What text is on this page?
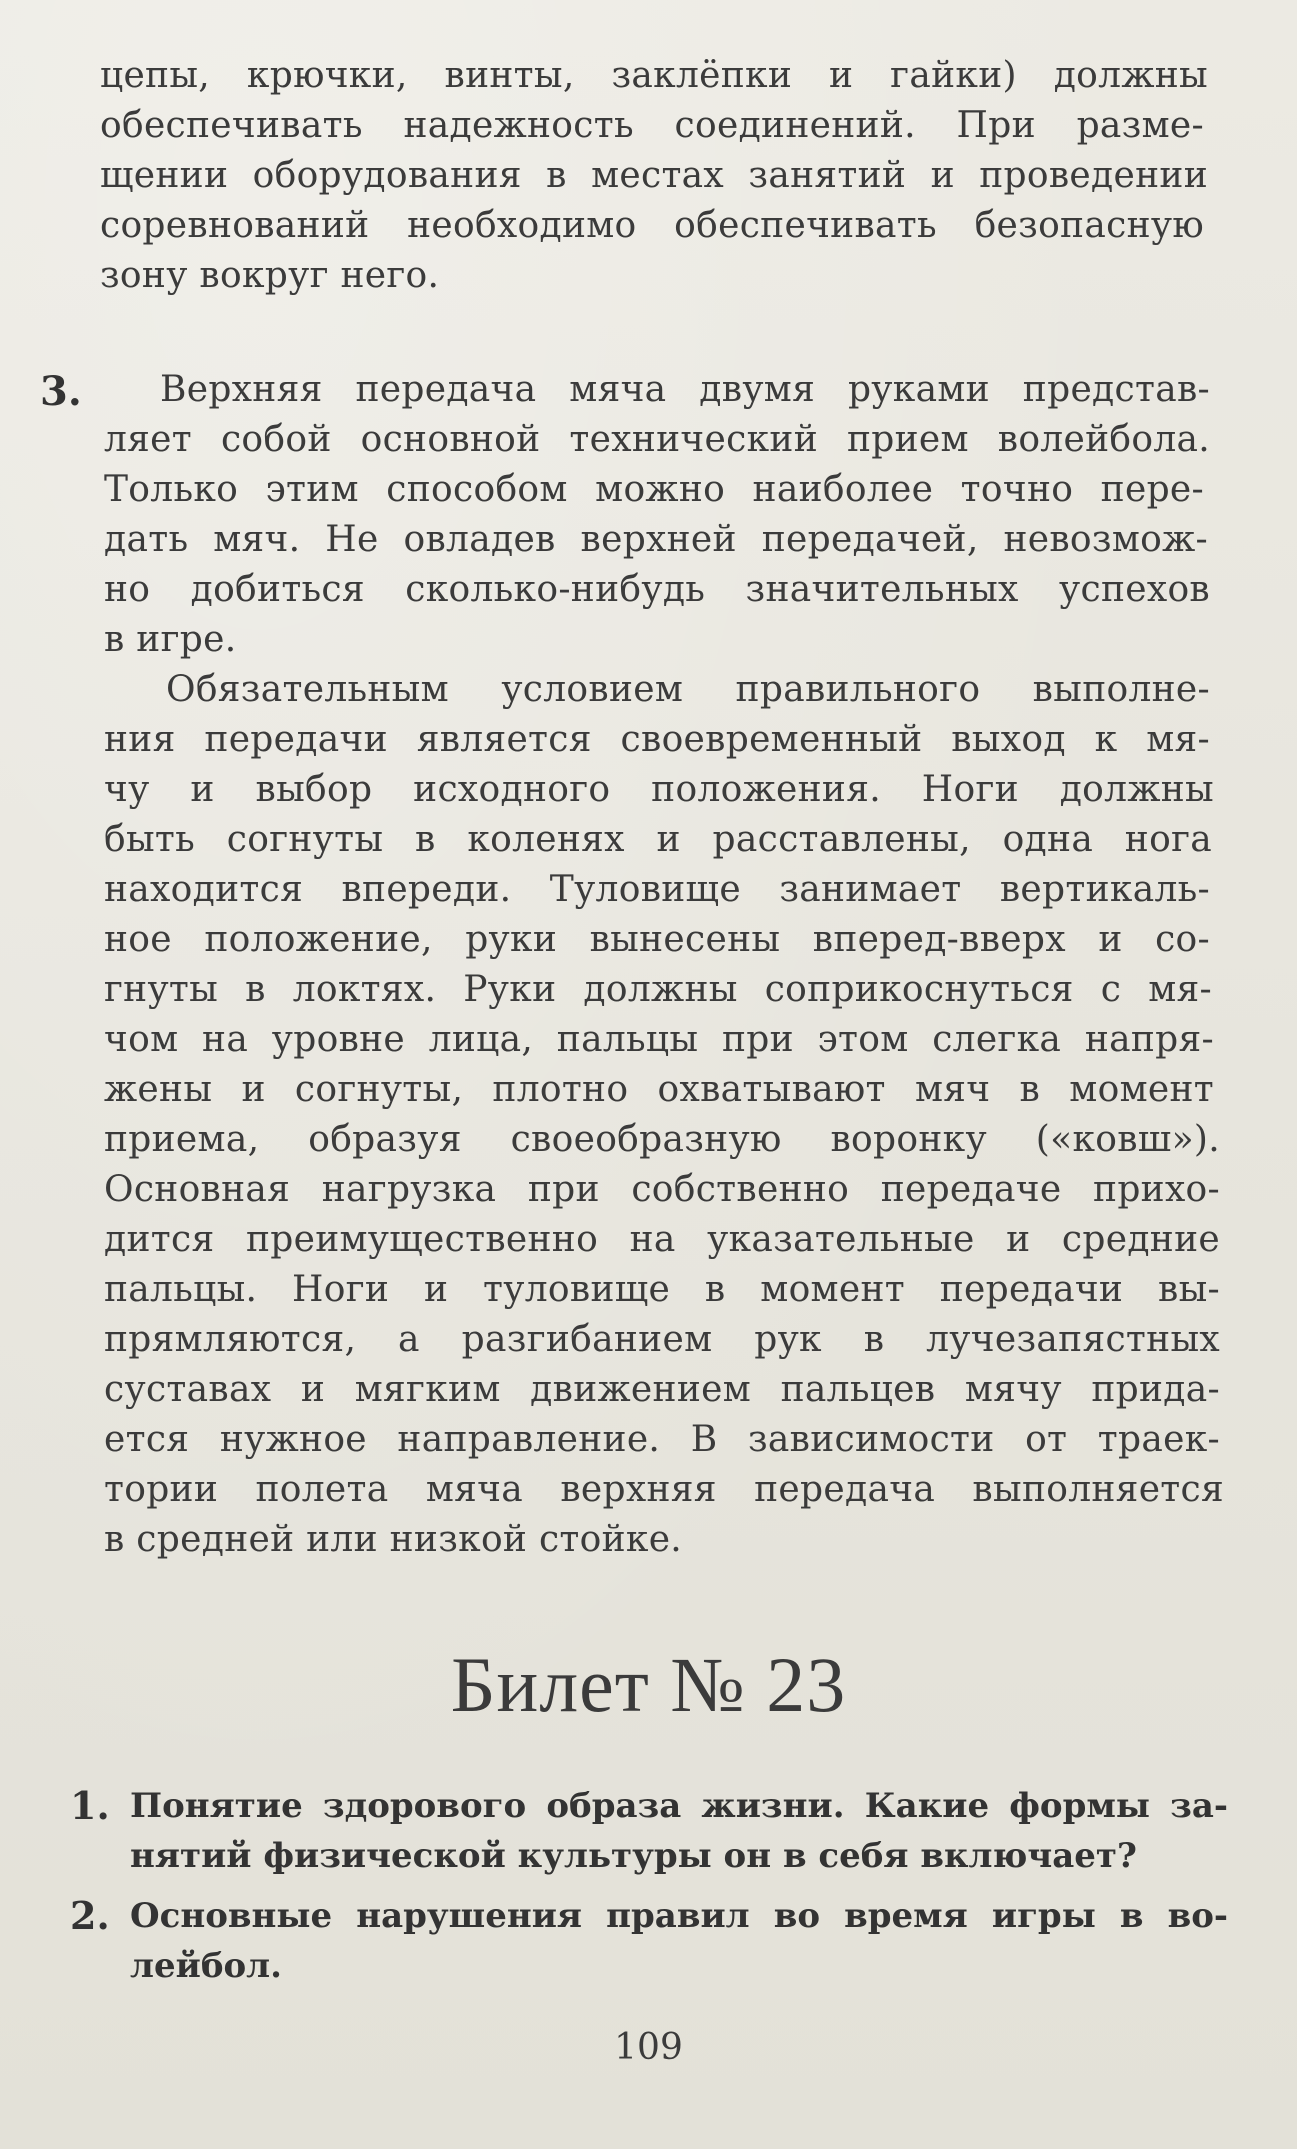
цепы, крючки, винты, заклёпки и гайки) должны
обеспечивать надежность соединений. При разме-
щении оборудования в местах занятий и проведении
соревнований необходимо обеспечивать безопасную
зону вокруг него.
3. Верхняя передача мяча двумя руками представ-
ляет собой основной технический прием волейбола.
Только этим способом можно наиболее точно пере-
дать мяч. Не овладев верхней передачей, невозмож-
но добиться сколько-нибудь значительных успехов
в игре.
Обязательным условием правильного выполне-
ния передачи является своевременный выход к мя-
чу и выбор исходного положения. Ноги должны
быть согнуты в коленях и расставлены, одна нога
находится впереди. Туловище занимает вертикаль-
ное положение, руки вынесены вперед-вверх и со-
гнуты в локтях. Руки должны соприкоснуться с мя-
чом на уровне лица, пальцы при этом слегка напря-
жены и согнуты, плотно охватывают мяч в момент
приема, образуя своеобразную воронку («ковш»).
Основная нагрузка при собственно передаче прихо-
дится преимущественно на указательные и средние
пальцы. Ноги и туловище в момент передачи вы-
прямляются, а разгибанием рук в лучезапястных
суставах и мягким движением пальцев мячу прида-
ется нужное направление. В зависимости от траек-
тории полета мяча верхняя передача выполняется
в средней или низкой стойке.
Билет № 23
1. Понятие здорового образа жизни. Какие формы за-
нятий физической культуры он в себя включает?
2. Основные нарушения правил во время игры в во-
лейбол.
109
